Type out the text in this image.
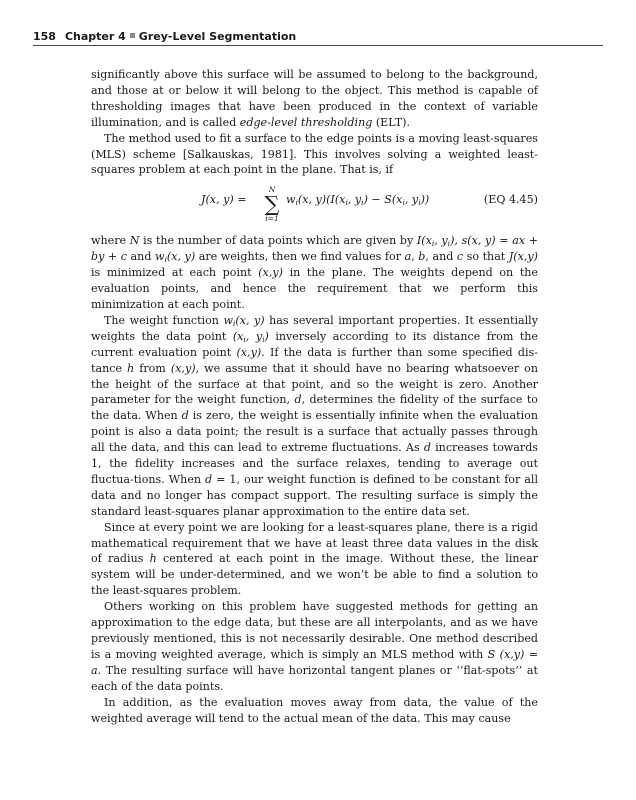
158 Chapter 4 Grey-Level Segmentation

significantly above this surface will be assumed to belong to the background, and those at or below it will belong to the object. This method is capable of thresholding images that have been produced in the context of variable illumination, and is called edge-level thresholding (ELT).

The method used to fit a surface to the edge points is a moving least-squares (MLS) scheme [Salkauskas, 1981]. This involves solving a weighted least-squares problem at each point in the plane. That is, if

J(x, y) =
N
∑
i=1
$w_i(x$, $y)(I(x_i$, $y_i) - S(x_i$, $y_i$))	(EQ 4.45)

where N is the number of data points which are given by $I(x_i$, $y_i$), s(x, y) = ax + by + c and $w_i(x$, y) are weights, then we find values for a, b, and c so that J(x,y) is minimized at each point (x,y) in the plane. The weights depend on the evaluation points, and hence the requirement that we perform this minimization at each point.

The weight function $w_i(x$, y) has several important properties. It essentially weights the data point ($x_i$, $y_i$) inversely according to its distance from the current evaluation point (x,y). If the data is further than some specified dis-tance h from (x,y), we assume that it should have no bearing whatsoever on the height of the surface at that point, and so the weight is zero. Another parameter for the weight function, d, determines the fidelity of the surface to the data. When d is zero, the weight is essentially infinite when the evaluation point is also a data point; the result is a surface that actually passes through all the data, and this can lead to extreme fluctuations. As d increases towards 1, the fidelity increases and the surface relaxes, tending to average out fluctua-tions. When d = 1, our weight function is defined to be constant for all data and no longer has compact support. The resulting surface is simply the standard least-squares planar approximation to the entire data set.

Since at every point we are looking for a least-squares plane, there is a rigid mathematical requirement that we have at least three data values in the disk of radius h centered at each point in the image. Without these, the linear system will be under-determined, and we won’t be able to find a solution to the least-squares problem.

Others working on this problem have suggested methods for getting an approximation to the edge data, but these are all interpolants, and as we have previously mentioned, this is not necessarily desirable. One method described is a moving weighted average, which is simply an MLS method with S (x,y) = a. The resulting surface will have horizontal tangent planes or ‘‘flat-spots’’ at each of the data points.

In addition, as the evaluation moves away from data, the value of the weighted average will tend to the actual mean of the data. This may cause
